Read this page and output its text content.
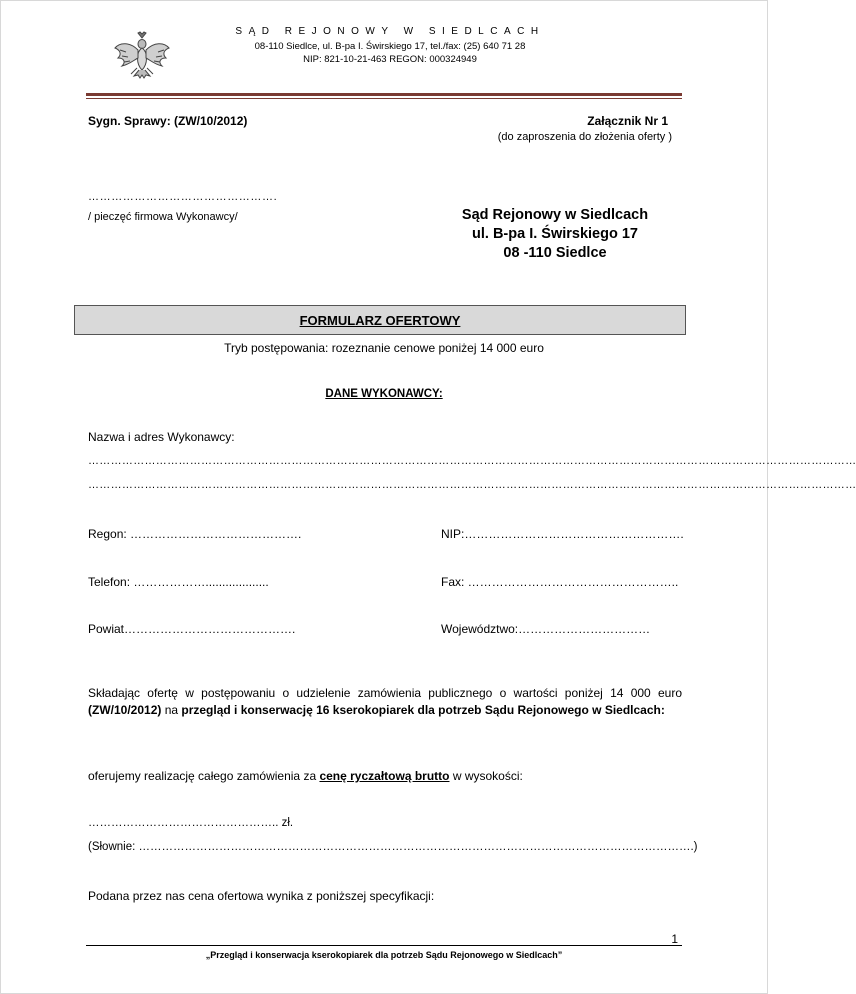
SĄD REJONOWY W SIEDLCACH
08-110 Siedlce, ul. B-pa I. Świrskiego 17, tel./fax: (25) 640 71 28
NIP: 821-10-21-463 REGON: 000324949
Sygn. Sprawy: (ZW/10/2012)	Załącznik Nr 1
(do zaproszenia do złożenia oferty )
………………………………………….
/ pieczęć firmowa Wykonawcy/	Sąd Rejonowy w Siedlcach
ul. B-pa I. Świrskiego 17
08 -110 Siedlce
FORMULARZ OFERTOWY
Tryb postępowania: rozeznanie cenowe poniżej 14 000 euro
DANE WYKONAWCY:
Nazwa i adres Wykonawcy:
……………………………………………………………………………………………………………………………………………………………………………………
……………………………………………………………………………………………………………………………………………………………………………………
Regon: …………………………………….	NIP:……………………………………………….
Telefon: ………………...................	Fax: ……………………………………………..
Powiat…………………………………….	Województwo:……………………………
Składając ofertę w postępowaniu o udzielenie zamówienia publicznego o wartości poniżej 14 000 euro (ZW/10/2012) na przegląd i konserwację 16 kserokopiarek dla potrzeb Sądu Rejonowego w Siedlcach:
oferujemy realizację całego zamówienia za cenę ryczałtową brutto w wysokości:
………………………………………….. zł.
(Słownie: ……………………………………………………………………………………………………………………………….)
Podana przez nas cena ofertowa wynika z poniższej specyfikacji:
1
„Przegląd i konserwacja kserokopiarek dla potrzeb Sądu Rejonowego w Siedlcach”
